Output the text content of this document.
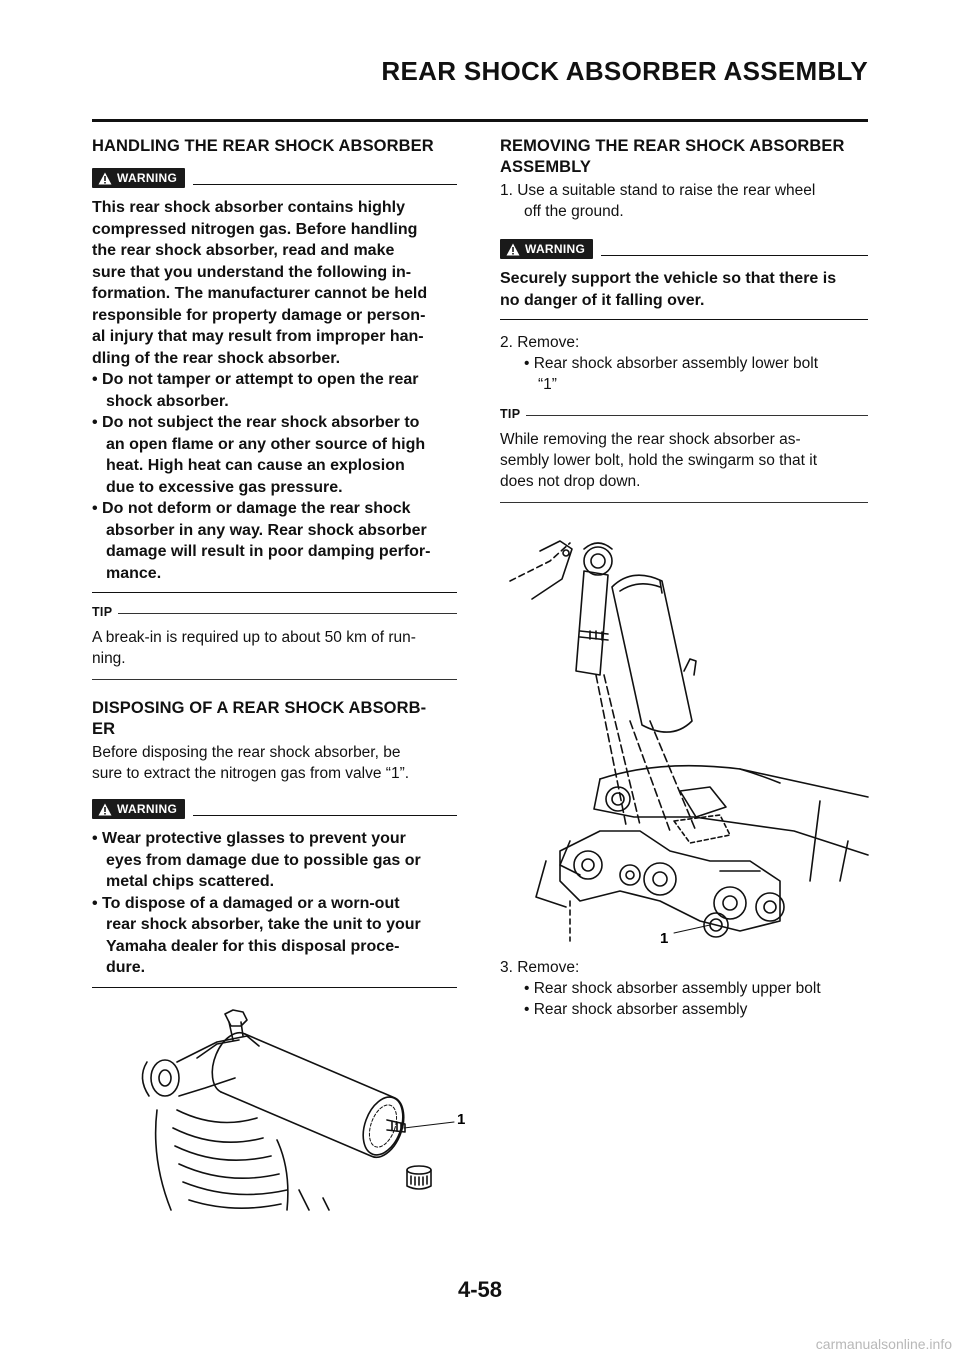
REAR SHOCK ABSORBER ASSEMBLY
HANDLING THE REAR SHOCK ABSORBER
WARNING

This rear shock absorber contains highly

compressed nitrogen gas. Before handling

the rear shock absorber, read and make

sure that you understand the following in-

formation. The manufacturer cannot be held

responsible for property damage or person-

al injury that may result from improper han-

dling of the rear shock absorber.

• Do not tamper or attempt to open the rear

shock absorber.

• Do not subject the rear shock absorber to

an open flame or any other source of high

heat. High heat can cause an explosion

due to excessive gas pressure.

• Do not deform or damage the rear shock

absorber in any way. Rear shock absorber

damage will result in poor damping perfor-

mance.

TIP

A break-in is required up to about 50 km of run-

ning.

DISPOSING OF A REAR SHOCK ABSORB-
ER

Before disposing the rear shock absorber, be

sure to extract the nitrogen gas from valve “1”.

WARNING

• Wear protective glasses to prevent your

eyes from damage due to possible gas or

metal chips scattered.

• To dispose of a damaged or a worn-out

rear shock absorber, take the unit to your

Yamaha dealer for this disposal proce-

dure.

1
REMOVING THE REAR SHOCK ABSORBER
ASSEMBLY

1. Use a suitable stand to raise the rear wheel

off the ground.

WARNING

Securely support the vehicle so that there is

no danger of it falling over.

2. Remove:

• Rear shock absorber assembly lower bolt

“1”

TIP

While removing the rear shock absorber as-

sembly lower bolt, hold the swingarm so that it

does not drop down.

1

3. Remove:

• Rear shock absorber assembly upper bolt

• Rear shock absorber assembly

4-58

carmanualsonline.info
